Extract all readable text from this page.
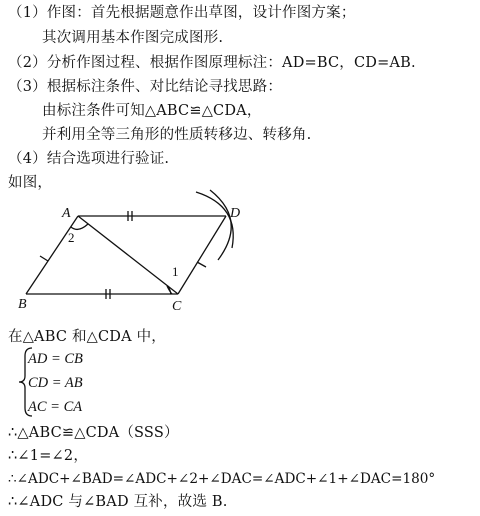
（1）作图：首先根据题意作出草图，设计作图方案；
其次调用基本作图完成图形.
（2）分析作图过程、根据作图原理标注：AD=BC，CD=AB.
（3）根据标注条件、对比结论寻找思路：
由标注条件可知△ABC≌△CDA，
并利用全等三角形的性质转移边、转移角.
（4）结合选项进行验证.
如图，
A	D
C
B
2
1
在△ABC 和△CDA 中，
AD = CB
CD = AB
AC = CA
∴△ABC≌△CDA（SSS）
∴∠1=∠2，
∴∠ADC+∠BAD=∠ADC+∠2+∠DAC=∠ADC+∠1+∠DAC=180°
∴∠ADC 与∠BAD 互补，故选 B.
